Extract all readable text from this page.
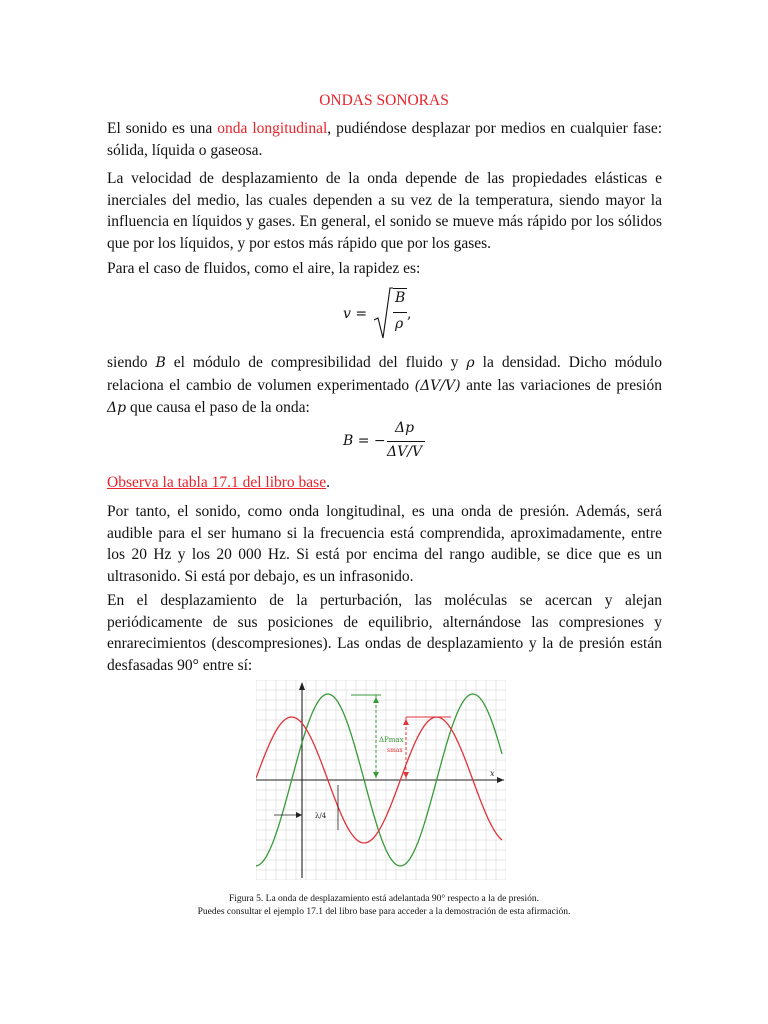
ONDAS SONORAS

El sonido es una onda longitudinal, pudiéndose desplazar por medios en cualquier fase: sólida, líquida o gaseosa.

La velocidad de desplazamiento de la onda depende de las propiedades elásticas e inerciales del medio, las cuales dependen a su vez de la temperatura, siendo mayor la influencia en líquidos y gases. En general, el sonido se mueve más rápido por los sólidos que por los líquidos, y por estos más rápido que por los gases.

Para el caso de fluidos, como el aire, la rapidez es:

v =
B
ρ
,

siendo B el módulo de compresibilidad del fluido y ρ la densidad. Dicho módulo relaciona el cambio de volumen experimentado (ΔV/V) ante las variaciones de presión Δp que causa el paso de la onda:

B = −
Δp
ΔV/V

Observa la tabla 17.1 del libro base.

Por tanto, el sonido, como onda longitudinal, es una onda de presión. Además, será audible para el ser humano si la frecuencia está comprendida, aproximadamente, entre los 20 Hz y los 20 000 Hz. Si está por encima del rango audible, se dice que es un ultrasonido. Si está por debajo, es un infrasonido.

En el desplazamiento de la perturbación, las moléculas se acercan y alejan periódicamente de sus posiciones de equilibrio, alternándose las compresiones y enrarecimientos (descompresiones). Las ondas de desplazamiento y la de presión están desfasadas 90° entre sí:

ΔPmax
smax
x
λ/4
Figura 5. La onda de desplazamiento está adelantada 90° respecto a la de presión.
Puedes consultar el ejemplo 17.1 del libro base para acceder a la demostración de esta afirmación.
